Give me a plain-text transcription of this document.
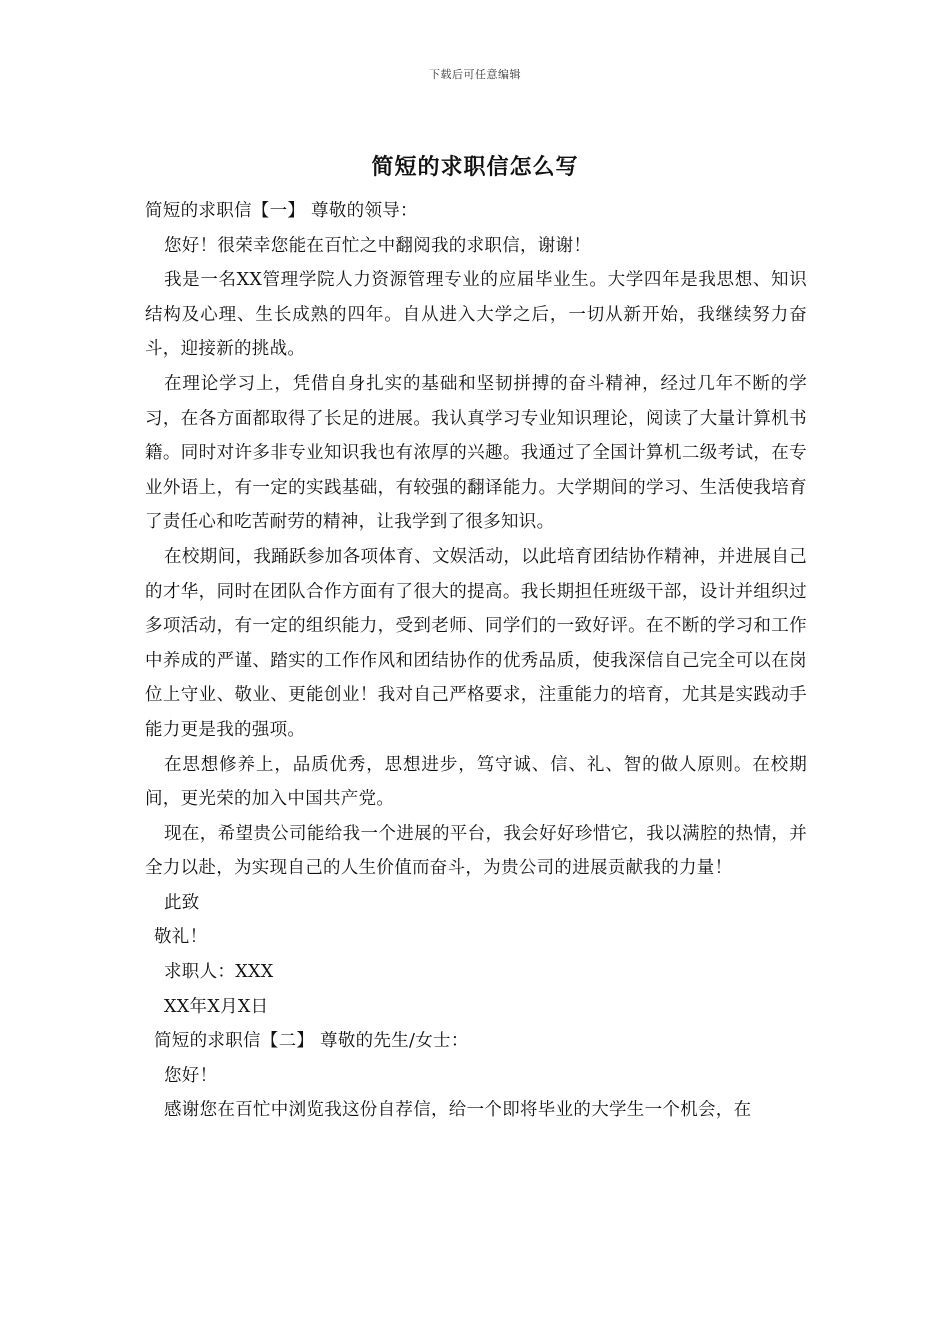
下载后可任意编辑
简短的求职信怎么写
简短的求职信【一】 尊敬的领导：
您好！很荣幸您能在百忙之中翻阅我的求职信，谢谢！
我是一名XX管理学院人力资源管理专业的应届毕业生。大学四年是我思想、知识结构及心理、生长成熟的四年。自从进入大学之后，一切从新开始，我继续努力奋斗，迎接新的挑战。
在理论学习上，凭借自身扎实的基础和坚韧拼搏的奋斗精神，经过几年不断的学习，在各方面都取得了长足的进展。我认真学习专业知识理论，阅读了大量计算机书籍。同时对许多非专业知识我也有浓厚的兴趣。我通过了全国计算机二级考试，在专业外语上，有一定的实践基础，有较强的翻译能力。大学期间的学习、生活使我培育了责任心和吃苦耐劳的精神，让我学到了很多知识。
在校期间，我踊跃参加各项体育、文娱活动，以此培育团结协作精神，并进展自己的才华，同时在团队合作方面有了很大的提高。我长期担任班级干部，设计并组织过多项活动，有一定的组织能力，受到老师、同学们的一致好评。在不断的学习和工作中养成的严谨、踏实的工作作风和团结协作的优秀品质，使我深信自己完全可以在岗位上守业、敬业、更能创业！我对自己严格要求，注重能力的培育，尤其是实践动手能力更是我的强项。
在思想修养上，品质优秀，思想进步，笃守诚、信、礼、智的做人原则。在校期间，更光荣的加入中国共产党。
现在，希望贵公司能给我一个进展的平台，我会好好珍惜它，我以满腔的热情，并全力以赴，为实现自己的人生价值而奋斗，为贵公司的进展贡献我的力量！
此致
敬礼！
求职人：XXX
XX年X月X日
简短的求职信【二】 尊敬的先生/女士：
您好！
感谢您在百忙中浏览我这份自荐信，给一个即将毕业的大学生一个机会，在
